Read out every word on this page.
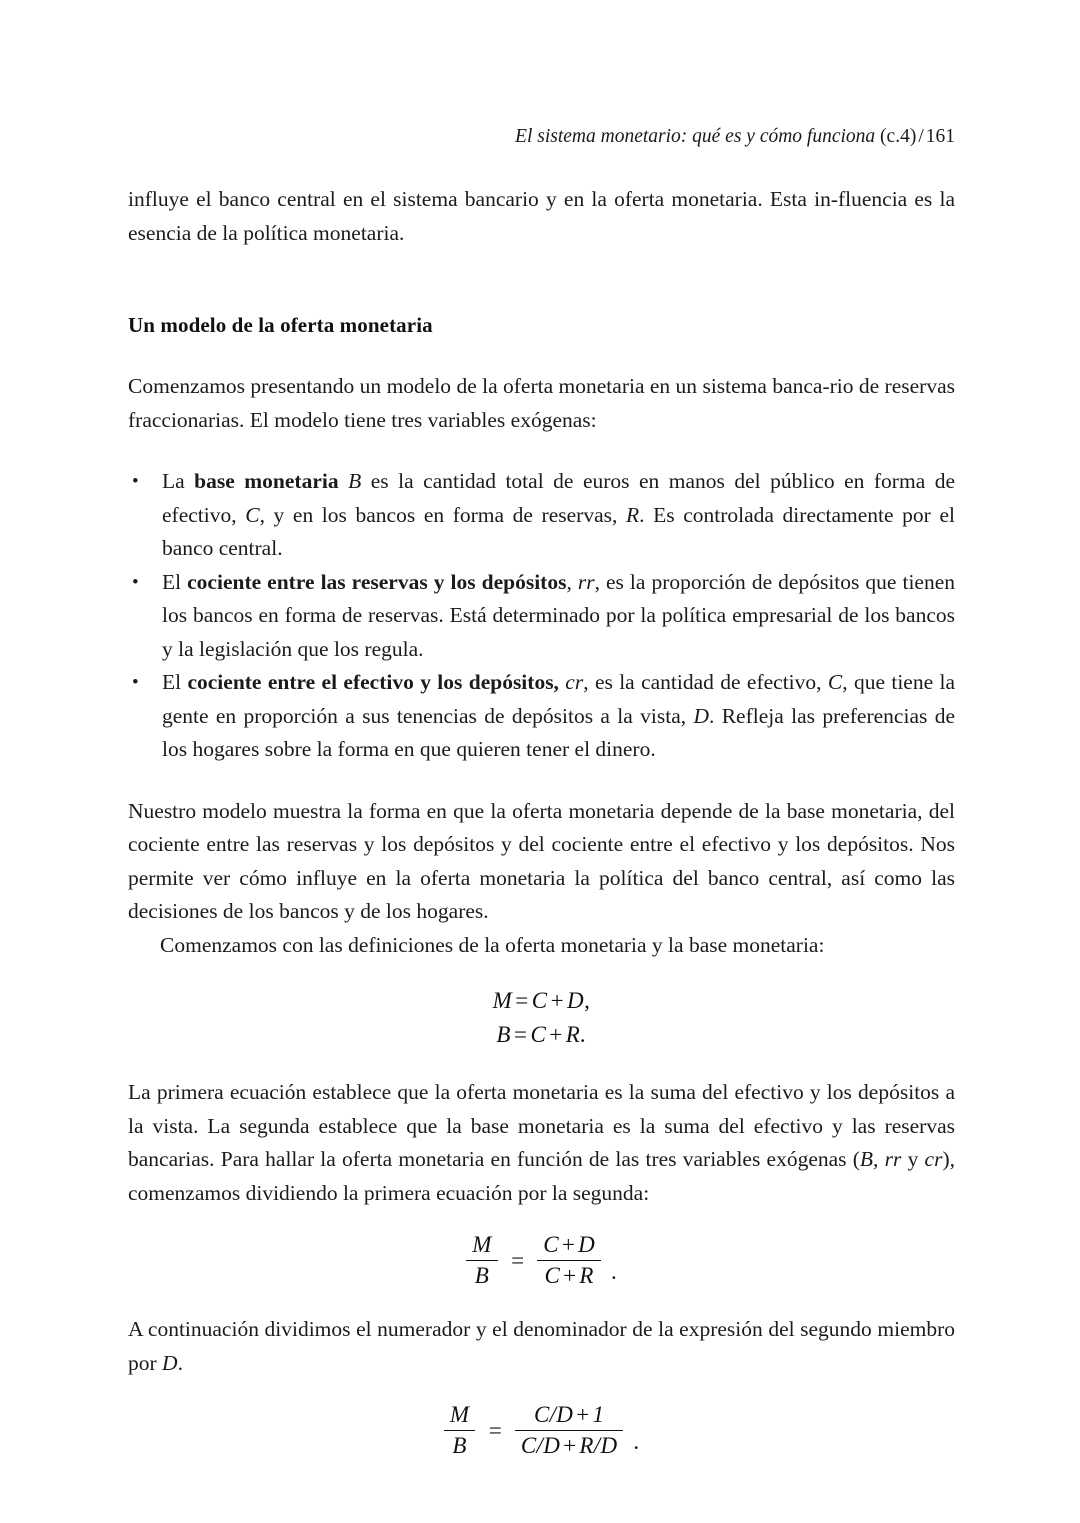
El sistema monetario: qué es y cómo funciona (c.4) / 161

influye el banco central en el sistema bancario y en la oferta monetaria. Esta in-fluencia es la esencia de la política monetaria.

Un modelo de la oferta monetaria

Comenzamos presentando un modelo de la oferta monetaria en un sistema banca-rio de reservas fraccionarias. El modelo tiene tres variables exógenas:

• La base monetaria B es la cantidad total de euros en manos del público en forma de efectivo, C, y en los bancos en forma de reservas, R. Es controlada directamente por el banco central.
• El cociente entre las reservas y los depósitos, rr, es la proporción de depósitos que tienen los bancos en forma de reservas. Está determinado por la política empresarial de los bancos y la legislación que los regula.
• El cociente entre el efectivo y los depósitos, cr, es la cantidad de efectivo, C, que tiene la gente en proporción a sus tenencias de depósitos a la vista, D. Refleja las preferencias de los hogares sobre la forma en que quieren tener el dinero.

Nuestro modelo muestra la forma en que la oferta monetaria depende de la base monetaria, del cociente entre las reservas y los depósitos y del cociente entre el efectivo y los depósitos. Nos permite ver cómo influye en la oferta monetaria la política del banco central, así como las decisiones de los bancos y de los hogares.
Comenzamos con las definiciones de la oferta monetaria y la base monetaria:

M = C + D,
B = C + R.

La primera ecuación establece que la oferta monetaria es la suma del efectivo y los depósitos a la vista. La segunda establece que la base monetaria es la suma del efectivo y las reservas bancarias. Para hallar la oferta monetaria en función de las tres variables exógenas (B, rr y cr), comenzamos dividiendo la primera ecuación por la segunda:

$\frac{M}{B} = \frac{C + D}{C + R}$ .

A continuación dividimos el numerador y el denominador de la expresión del segundo miembro por D.

$\frac{M}{B} = \frac{C/D + 1}{C/D + R/D}$ .
